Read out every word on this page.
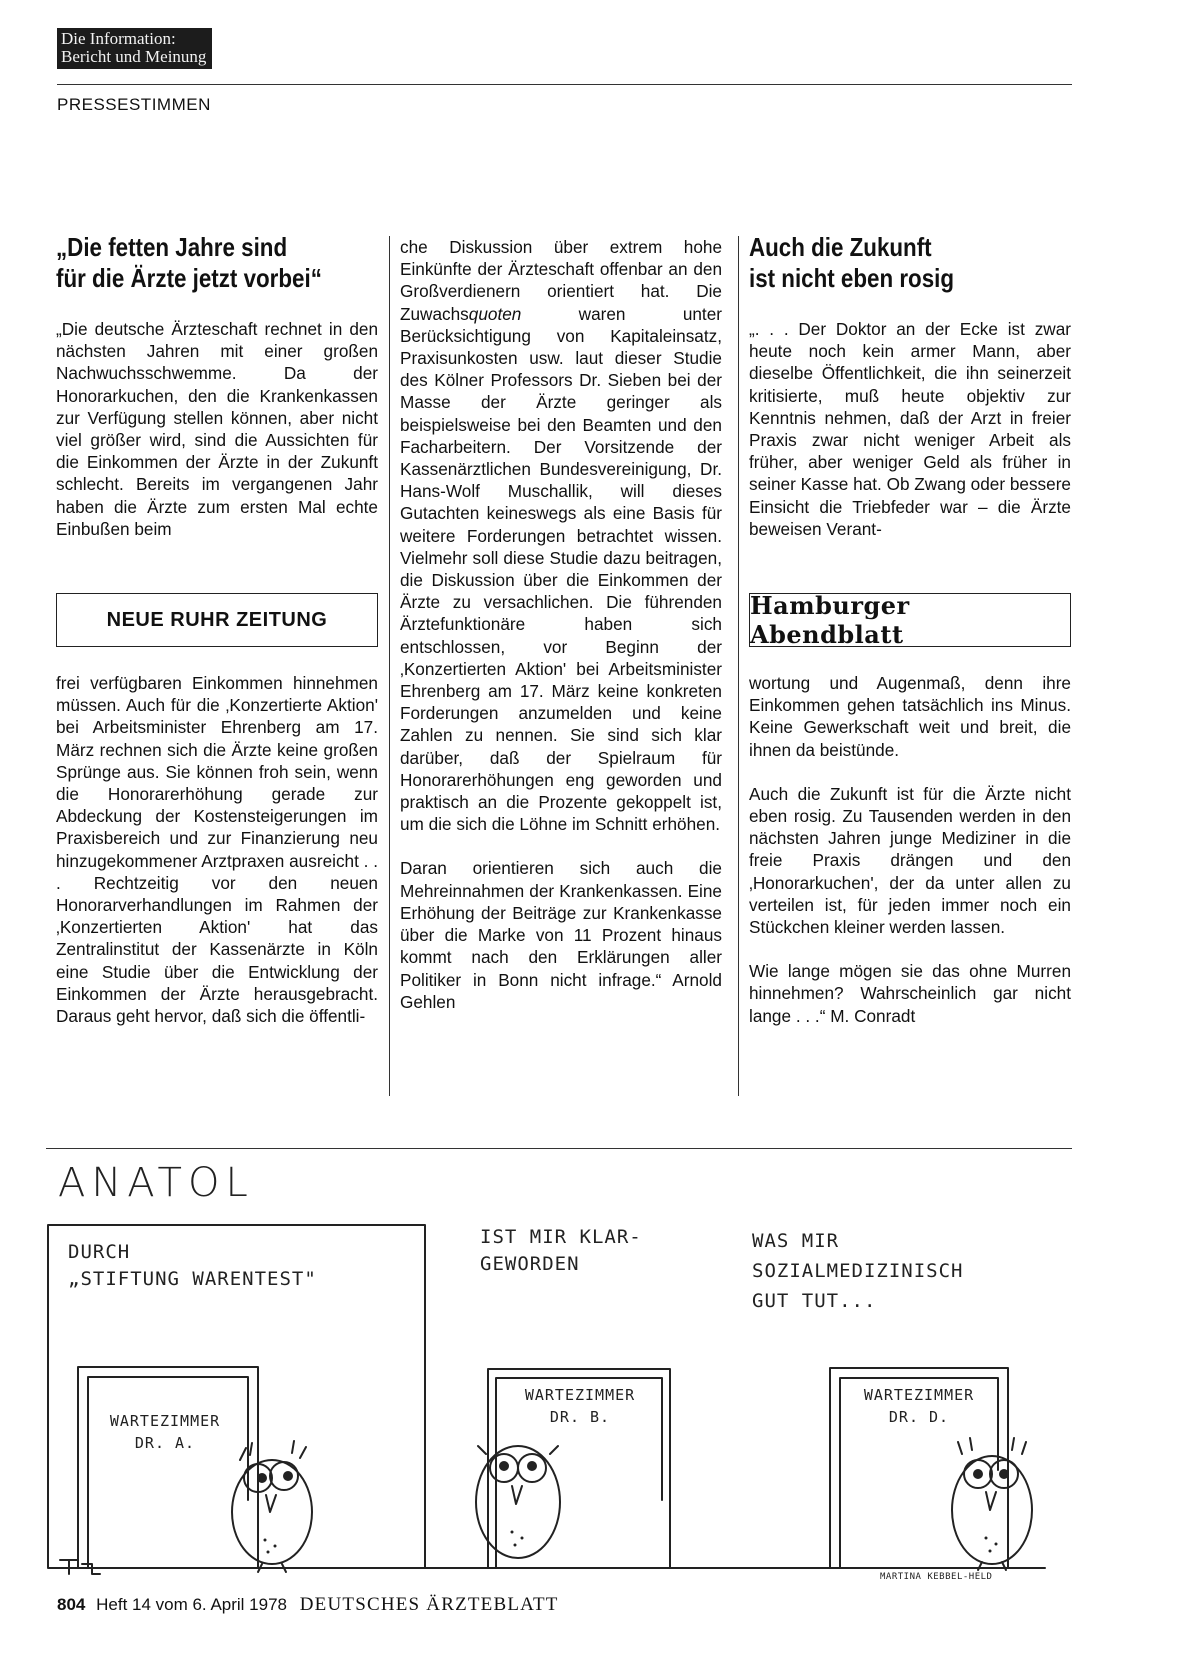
Die Information:
Bericht und Meinung
PRESSESTIMMEN
„Die fetten Jahre sind
für die Ärzte jetzt vorbei“

„Die deutsche Ärzteschaft rechnet in den nächsten Jahren mit einer großen Nachwuchsschwemme. Da der Honorarkuchen, den die Krankenkassen zur Verfügung stellen können, aber nicht viel größer wird, sind die Aussichten für die Einkommen der Ärzte in der Zukunft schlecht. Bereits im vergangenen Jahr haben die Ärzte zum ersten Mal echte Einbußen beim

NEUE RUHR ZEITUNG

frei verfügbaren Einkommen hinnehmen müssen. Auch für die ‚Konzertierte Aktion' bei Arbeitsminister Ehrenberg am 17. März rechnen sich die Ärzte keine großen Sprünge aus. Sie können froh sein, wenn die Honorarerhöhung gerade zur Abdeckung der Kostensteigerungen im Praxisbereich und zur Finanzierung neu hinzugekommener Arztpraxen ausreicht . . . Rechtzeitig vor den neuen Honorarverhandlungen im Rahmen der ‚Konzertierten Aktion' hat das Zentralinstitut der Kassenärzte in Köln eine Studie über die Entwicklung der Einkommen der Ärzte herausgebracht. Daraus geht hervor, daß sich die öffentli-

che Diskussion über extrem hohe Einkünfte der Ärzteschaft offenbar an den Großverdienern orientiert hat. Die Zuwachsquoten waren unter Berücksichtigung von Kapitaleinsatz, Praxisunkosten usw. laut dieser Studie des Kölner Professors Dr. Sieben bei der Masse der Ärzte geringer als beispielsweise bei den Beamten und den Facharbeitern. Der Vorsitzende der Kassenärztlichen Bundesvereinigung, Dr. Hans-Wolf Muschallik, will dieses Gutachten keineswegs als eine Basis für weitere Forderungen betrachtet wissen. Vielmehr soll diese Studie dazu beitragen, die Diskussion über die Einkommen der Ärzte zu versachlichen. Die führenden Ärztefunktionäre haben sich entschlossen, vor Beginn der ‚Konzertierten Aktion' bei Arbeitsminister Ehrenberg am 17. März keine konkreten Forderungen anzumelden und keine Zahlen zu nennen. Sie sind sich klar darüber, daß der Spielraum für Honorarerhöhungen eng geworden und praktisch an die Prozente gekoppelt ist, um die sich die Löhne im Schnitt erhöhen.

Daran orientieren sich auch die Mehreinnahmen der Krankenkassen. Eine Erhöhung der Beiträge zur Krankenkasse über die Marke von 11 Prozent hinaus kommt nach den Erklärungen aller Politiker in Bonn nicht infrage.“ Arnold Gehlen

Auch die Zukunft
ist nicht eben rosig

„. . . Der Doktor an der Ecke ist zwar heute noch kein armer Mann, aber dieselbe Öffentlichkeit, die ihn seinerzeit kritisierte, muß heute objektiv zur Kenntnis nehmen, daß der Arzt in freier Praxis zwar nicht weniger Arbeit als früher, aber weniger Geld als früher in seiner Kasse hat. Ob Zwang oder bessere Einsicht die Triebfeder war – die Ärzte beweisen Verant-

Hamburger Abendblatt

wortung und Augenmaß, denn ihre Einkommen gehen tatsächlich ins Minus. Keine Gewerkschaft weit und breit, die ihnen da beistünde.

Auch die Zukunft ist für die Ärzte nicht eben rosig. Zu Tausenden werden in den nächsten Jahren junge Mediziner in die freie Praxis drängen und den ‚Honorarkuchen', der da unter allen zu verteilen ist, für jeden immer noch ein Stückchen kleiner werden lassen.

Wie lange mögen sie das ohne Murren hinnehmen? Wahrscheinlich gar nicht lange . . .“ M. Conradt

ANATOL
DURCH
„STIFTUNG WARENTEST"
WARTEZIMMER
DR. A.
IST MIR KLAR-
GEWORDEN
WARTEZIMMER
DR. B.
WAS MIR
SOZIALMEDIZINISCH
GUT TUT...
WARTEZIMMER
DR. D.
MARTINA KEBBEL-HELD
804 Heft 14 vom 6. April 1978 DEUTSCHES ÄRZTEBLATT
